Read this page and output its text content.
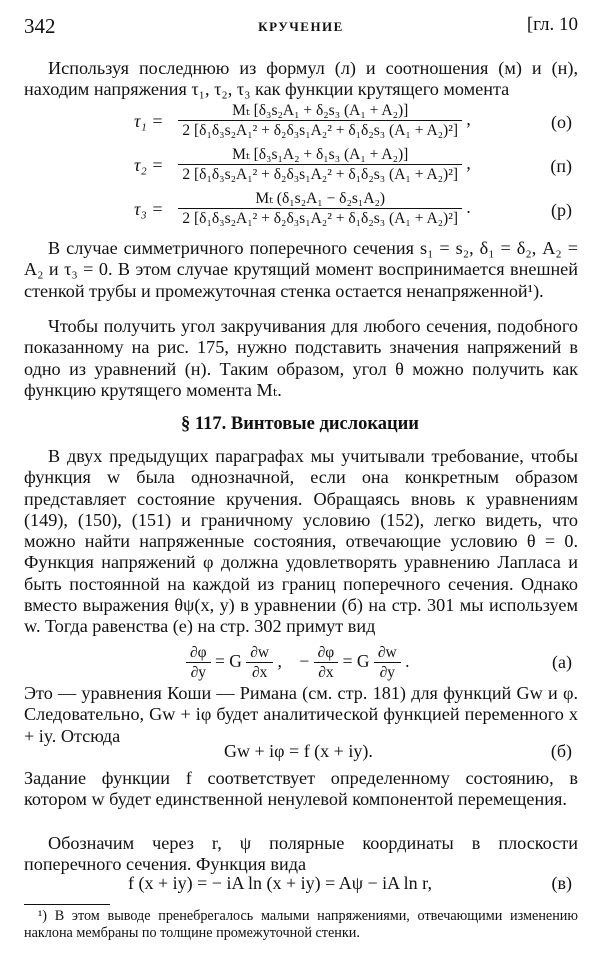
342	КРУЧЕНИЕ	[гл. 10

Используя последнюю из формул (л) и соотношения (м) и (н), находим напряжения τ₁, τ₂, τ₃ как функции крутящего момента

$\tau_1 = \frac{\text{Mₜ [δ₃s₂A₁ + δ₂s₃ (A₁ + A₂)]}}{\text{2 [δ₁δ₃s₂A₁² + δ₂δ₃s₁A₂² + δ₁δ₂s₃ (A₁ + A₂)²]}}$ ,	(о)
$\tau_2 = \frac{\text{Mₜ [δ₃s₁A₂ + δ₁s₃ (A₁ + A₂)]}}{\text{2 [δ₁δ₃s₂A₁² + δ₂δ₃s₁A₂² + δ₁δ₂s₃ (A₁ + A₂)²]}}$ ,	(п)
$\tau_3 = \frac{\text{Mₜ (δ₁s₂A₁ − δ₂s₁A₂)}}{\text{2 [δ₁δ₃s₂A₁² + δ₂δ₃s₁A₂² + δ₁δ₂s₃ (A₁ + A₂)²]}}$ .	(р)

В случае симметричного поперечного сечения s₁ = s₂, δ₁ = δ₂, A₂ = A₂ и τ₃ = 0. В этом случае крутящий момент воспринимается внешней стенкой трубы и промежуточная стенка остается ненапряженной¹).

Чтобы получить угол закручивания для любого сечения, подобного показанному на рис. 175, нужно подставить значения напряжений в одно из уравнений (н). Таким образом, угол θ можно получить как функцию крутящего момента Mₜ.

§ 117. Винтовые дислокации

В двух предыдущих параграфах мы учитывали требование, чтобы функция w была однозначной, если она конкретным образом представляет состояние кручения. Обращаясь вновь к уравнениям (149), (150), (151) и граничному условию (152), легко видеть, что можно найти напряженные состояния, отвечающие условию θ = 0. Функция напряжений φ должна удовлетворять уравнению Лапласа и быть постоянной на каждой из границ поперечного сечения. Однако вместо выражения θψ(x, y) в уравнении (б) на стр. 301 мы используем w. Тогда равенства (е) на стр. 302 примут вид

$\frac{\partial\varphi}{\partial y} = G \frac{\partial w}{\partial x}$ ,    − $\frac{\partial\varphi}{\partial x} = G \frac{\partial w}{\partial y}$ .	(а)

Это — уравнения Коши — Римана (см. стр. 181) для функций Gw и φ. Следовательно, Gw + iφ будет аналитической функцией переменного x + iy. Отсюда

Gw + iφ = f (x + iy).	(б)

Задание функции f соответствует определенному состоянию, в котором w будет единственной ненулевой компонентой перемещения.

Обозначим через r, ψ полярные координаты в плоскости поперечного сечения. Функция вида

f (x + iy) = − iA ln (x + iy) = Aψ − iA ln r,	(в)
¹) В этом выводе пренебрегалось малыми напряжениями, отвечающими изменению наклона мембраны по толщине промежуточной стенки.
